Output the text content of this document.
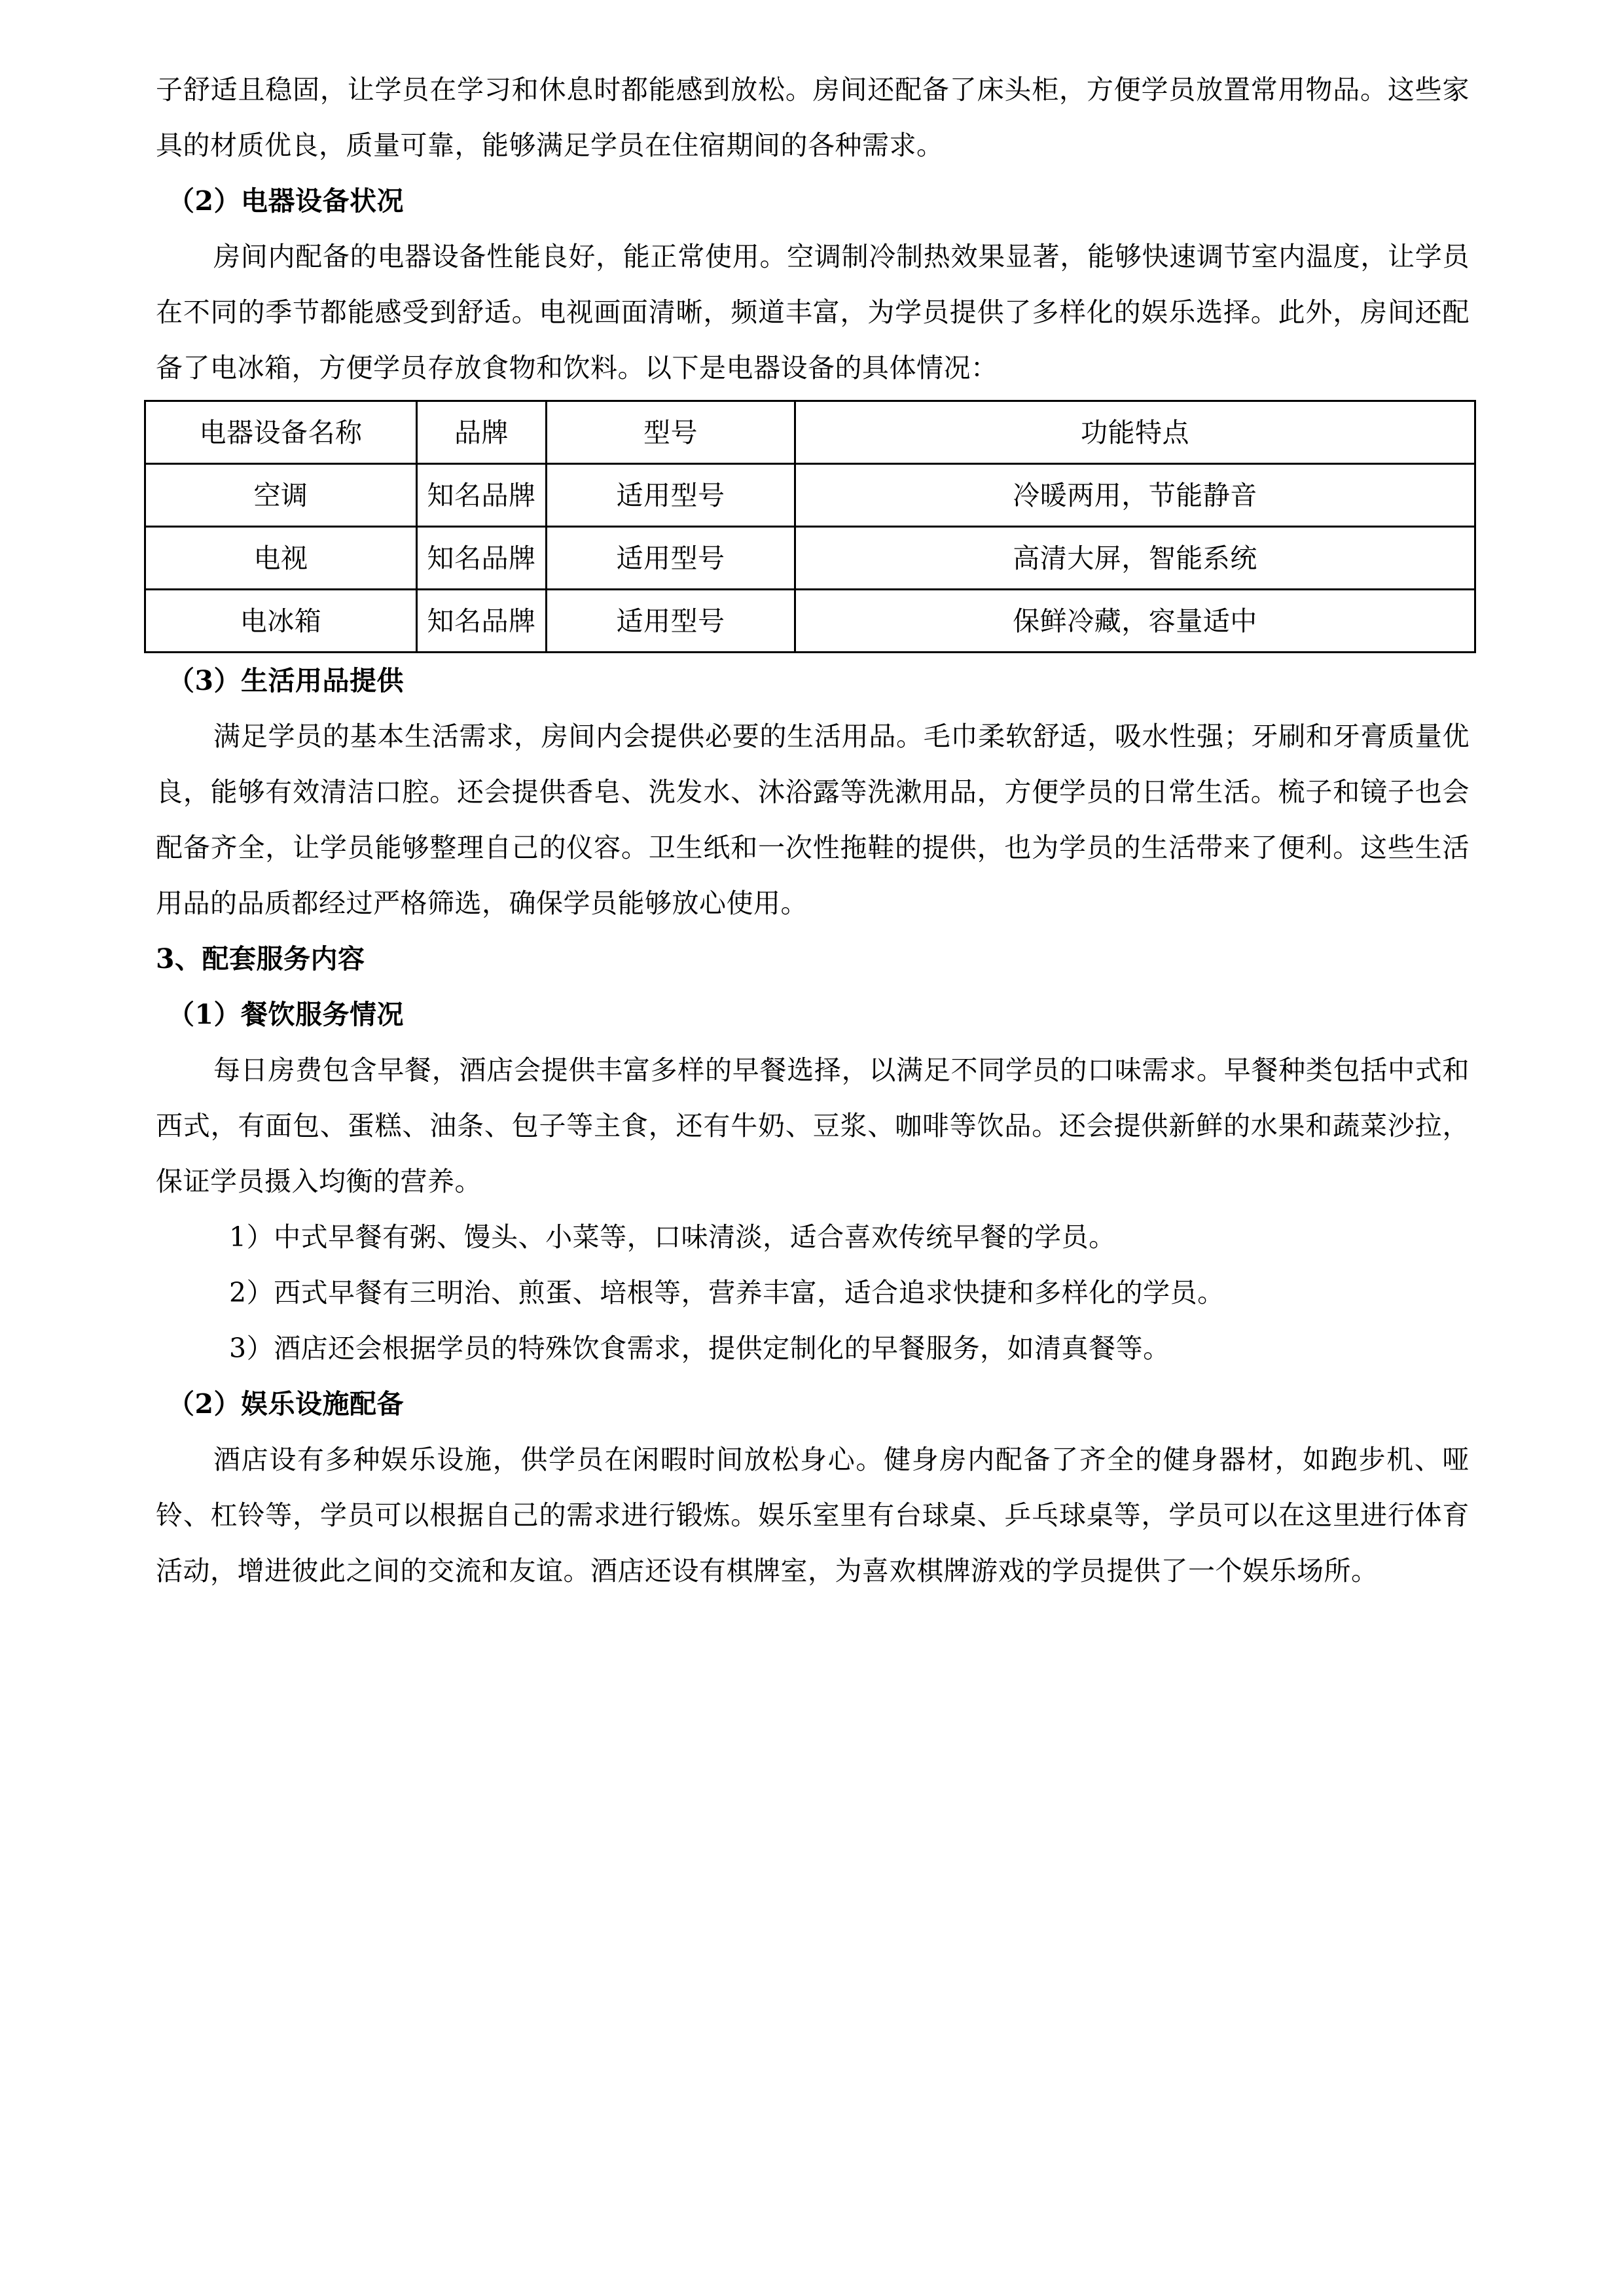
子舒适且稳固，让学员在学习和休息时都能感到放松。房间还配备了床头柜，方便学员放置常用物品。这些家具的材质优良，质量可靠，能够满足学员在住宿期间的各种需求。

（2）电器设备状况

房间内配备的电器设备性能良好，能正常使用。空调制冷制热效果显著，能够快速调节室内温度，让学员在不同的季节都能感受到舒适。电视画面清晰，频道丰富，为学员提供了多样化的娱乐选择。此外，房间还配备了电冰箱，方便学员存放食物和饮料。以下是电器设备的具体情况：

电器设备名称	品牌	型号	功能特点
空调	知名品牌	适用型号	冷暖两用，节能静音
电视	知名品牌	适用型号	高清大屏，智能系统
电冰箱	知名品牌	适用型号	保鲜冷藏，容量适中

（3）生活用品提供

满足学员的基本生活需求，房间内会提供必要的生活用品。毛巾柔软舒适，吸水性强；牙刷和牙膏质量优良，能够有效清洁口腔。还会提供香皂、洗发水、沐浴露等洗漱用品，方便学员的日常生活。梳子和镜子也会配备齐全，让学员能够整理自己的仪容。卫生纸和一次性拖鞋的提供，也为学员的生活带来了便利。这些生活用品的品质都经过严格筛选，确保学员能够放心使用。

3、配套服务内容

（1）餐饮服务情况

每日房费包含早餐，酒店会提供丰富多样的早餐选择，以满足不同学员的口味需求。早餐种类包括中式和西式，有面包、蛋糕、油条、包子等主食，还有牛奶、豆浆、咖啡等饮品。还会提供新鲜的水果和蔬菜沙拉，保证学员摄入均衡的营养。

1）中式早餐有粥、馒头、小菜等，口味清淡，适合喜欢传统早餐的学员。

2）西式早餐有三明治、煎蛋、培根等，营养丰富，适合追求快捷和多样化的学员。

3）酒店还会根据学员的特殊饮食需求，提供定制化的早餐服务，如清真餐等。

（2）娱乐设施配备

酒店设有多种娱乐设施，供学员在闲暇时间放松身心。健身房内配备了齐全的健身器材，如跑步机、哑铃、杠铃等，学员可以根据自己的需求进行锻炼。娱乐室里有台球桌、乒乓球桌等，学员可以在这里进行体育活动，增进彼此之间的交流和友谊。酒店还设有棋牌室，为喜欢棋牌游戏的学员提供了一个娱乐场所。
